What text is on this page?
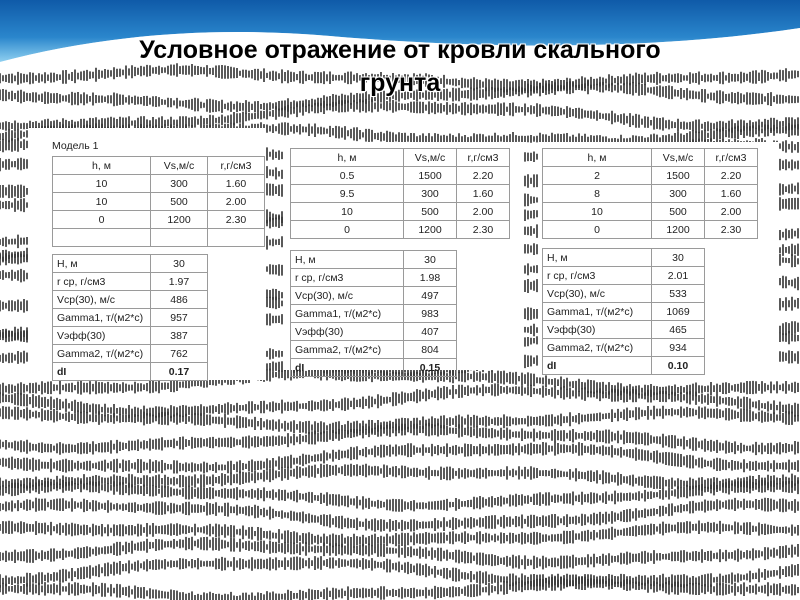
Условное отражение от кровли скального
грунта
Модель 1
h, м	Vs,м/с	r,г/см3
10	300	1.60
10	500	2.00
0	1200	2.30

H, м	30
r ср, г/см3	1.97
Vср(30), м/с	486
Gamma1, т/(м2*с)	957
Vэфф(30)	387
Gamma2, т/(м2*с)	762
dI	0.17
h, м	Vs,м/с	r,г/см3
0.5	1500	2.20
9.5	300	1.60
10	500	2.00
0	1200	2.30
H, м	30
r ср, г/см3	1.98
Vср(30), м/с	497
Gamma1, т/(м2*с)	983
Vэфф(30)	407
Gamma2, т/(м2*с)	804
dI	0.15
h, м	Vs,м/с	r,г/см3
2	1500	2.20
8	300	1.60
10	500	2.00
0	1200	2.30
H, м	30
r ср, г/см3	2.01
Vср(30), м/с	533
Gamma1, т/(м2*с)	1069
Vэфф(30)	465
Gamma2, т/(м2*с)	934
dI	0.10
